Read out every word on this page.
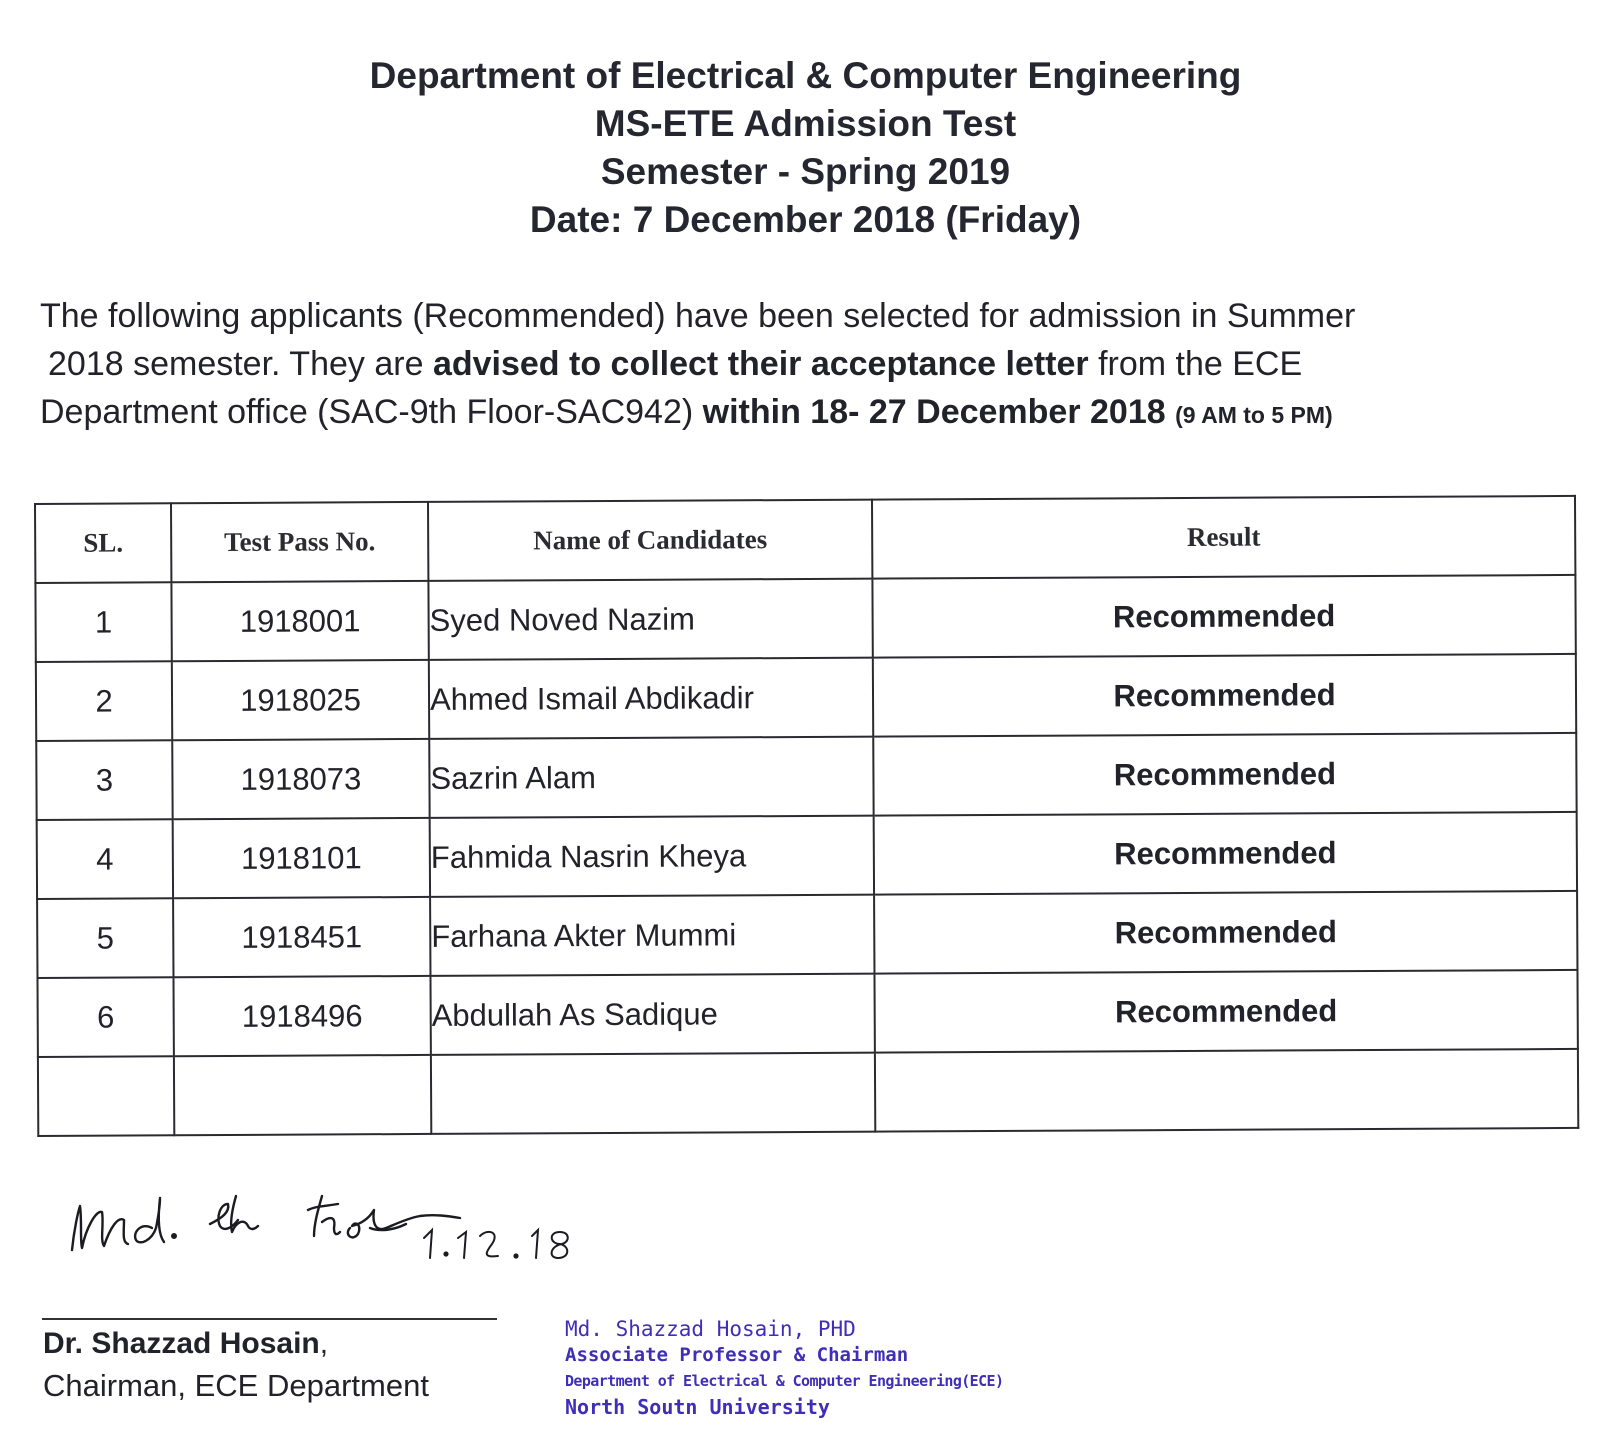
Department of Electrical & Computer Engineering
MS-ETE Admission Test
Semester - Spring 2019
Date: 7 December 2018 (Friday)
The following applicants (Recommended) have been selected for admission in Summer
2018 semester. They are advised to collect their acceptance letter from the ECE
Department office (SAC-9th Floor-SAC942) within 18- 27 December 2018 (9 AM to 5 PM)
SL.	Test Pass No.	Name of Candidates	Result
1	1918001	Syed Noved Nazim	Recommended
2	1918025	Ahmed Ismail Abdikadir	Recommended
3	1918073	Sazrin Alam	Recommended
4	1918101	Fahmida Nasrin Kheya	Recommended
5	1918451	Farhana Akter Mummi	Recommended
6	1918496	Abdullah As Sadique	Recommended

Dr. Shazzad Hosain,
Chairman, ECE Department
Md. Shazzad Hosain, PHD
Associate Professor & Chairman
Department of Electrical & Computer Engineering(ECE)
North Soutn University
